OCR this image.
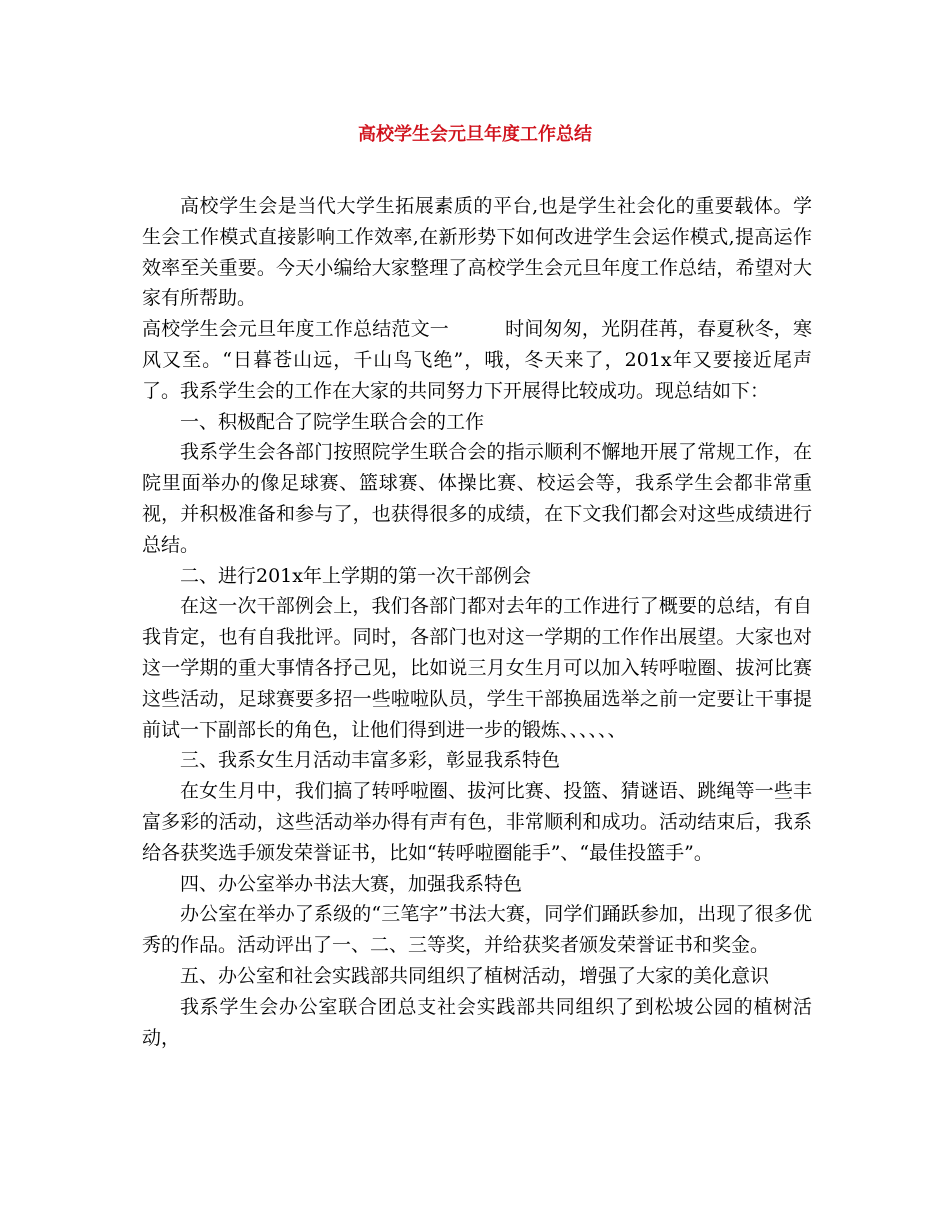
高校学生会元旦年度工作总结

高校学生会是当代大学生拓展素质的平台,也是学生社会化的重要载体。学生会工作模式直接影响工作效率,在新形势下如何改进学生会运作模式,提高运作效率至关重要。今天小编给大家整理了高校学生会元旦年度工作总结，希望对大家有所帮助。

高校学生会元旦年度工作总结范文一	时间匆匆，光阴荏苒，春夏秋冬，寒风又至。“日暮苍山远，千山鸟飞绝”，哦，冬天来了，201x年又要接近尾声了。我系学生会的工作在大家的共同努力下开展得比较成功。现总结如下：

一、积极配合了院学生联合会的工作

我系学生会各部门按照院学生联合会的指示顺利不懈地开展了常规工作，在院里面举办的像足球赛、篮球赛、体操比赛、校运会等，我系学生会都非常重视，并积极准备和参与了，也获得很多的成绩，在下文我们都会对这些成绩进行总结。

二、进行201x年上学期的第一次干部例会

在这一次干部例会上，我们各部门都对去年的工作进行了概要的总结，有自我肯定，也有自我批评。同时，各部门也对这一学期的工作作出展望。大家也对这一学期的重大事情各抒己见，比如说三月女生月可以加入转呼啦圈、拔河比赛这些活动，足球赛要多招一些啦啦队员，学生干部换届选举之前一定要让干事提前试一下副部长的角色，让他们得到进一步的锻炼、、、、、、

三、我系女生月活动丰富多彩，彰显我系特色

在女生月中，我们搞了转呼啦圈、拔河比赛、投篮、猜谜语、跳绳等一些丰富多彩的活动，这些活动举办得有声有色，非常顺利和成功。活动结束后，我系给各获奖选手颁发荣誉证书，比如“转呼啦圈能手”、“最佳投篮手”。

四、办公室举办书法大赛，加强我系特色

办公室在举办了系级的“三笔字”书法大赛，同学们踊跃参加，出现了很多优秀的作品。活动评出了一、二、三等奖，并给获奖者颁发荣誉证书和奖金。

五、办公室和社会实践部共同组织了植树活动，增强了大家的美化意识

我系学生会办公室联合团总支社会实践部共同组织了到松坡公园的植树活动，
